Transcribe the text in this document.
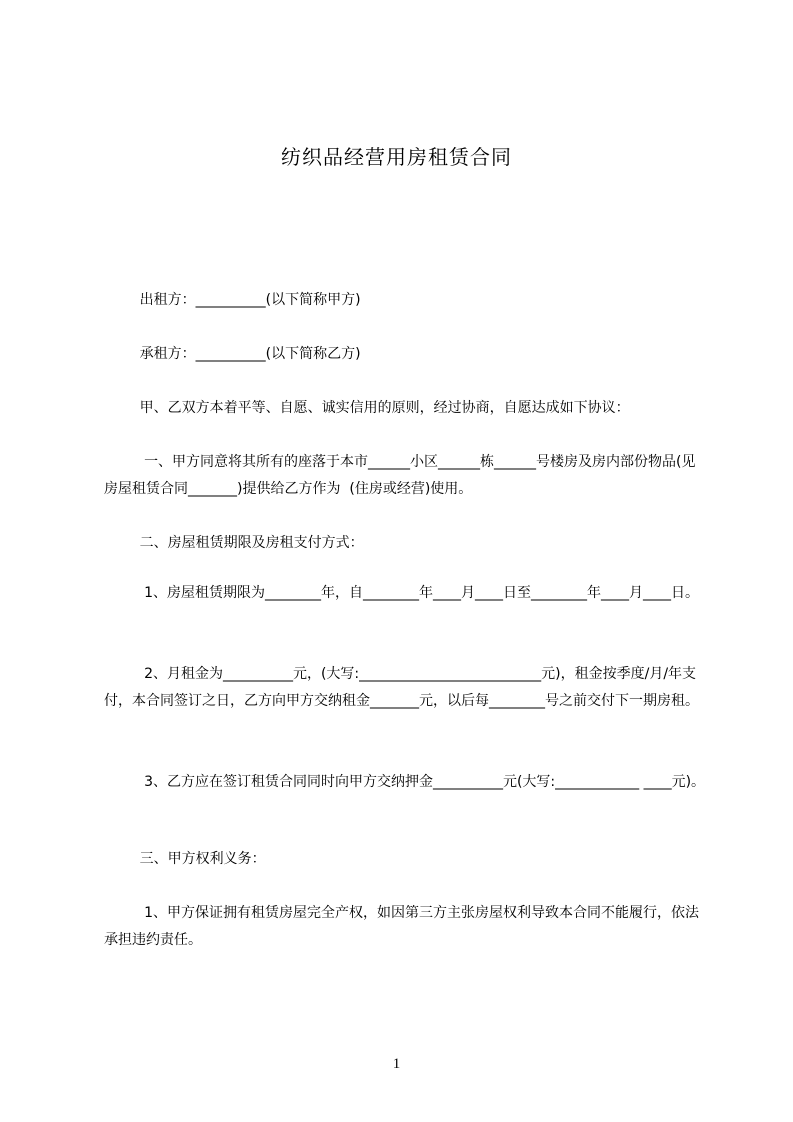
纺织品经营用房租赁合同
出租方：__________(以下简称甲方)
承租方：__________(以下简称乙方)
甲、乙双方本着平等、自愿、诚实信用的原则，经过协商，自愿达成如下协议：
一、甲方同意将其所有的座落于本市______小区______栋______号楼房及房内部份物品(见房屋租赁合同_______)提供给乙方作为  (住房或经营)使用。
二、房屋租赁期限及房租支付方式：
1、房屋租赁期限为________年，自________年____月____日至________年____月____日。
2、月租金为__________元，(大写:__________________________元)，租金按季度/月/年支付，本合同签订之日，乙方向甲方交纳租金_______元，以后每________号之前交付下一期房租。
3、乙方应在签订租赁合同同时向甲方交纳押金__________元(大写:____________ ____元)。
三、甲方权利义务：
1、甲方保证拥有租赁房屋完全产权，如因第三方主张房屋权利导致本合同不能履行，依法承担违约责任。
1
